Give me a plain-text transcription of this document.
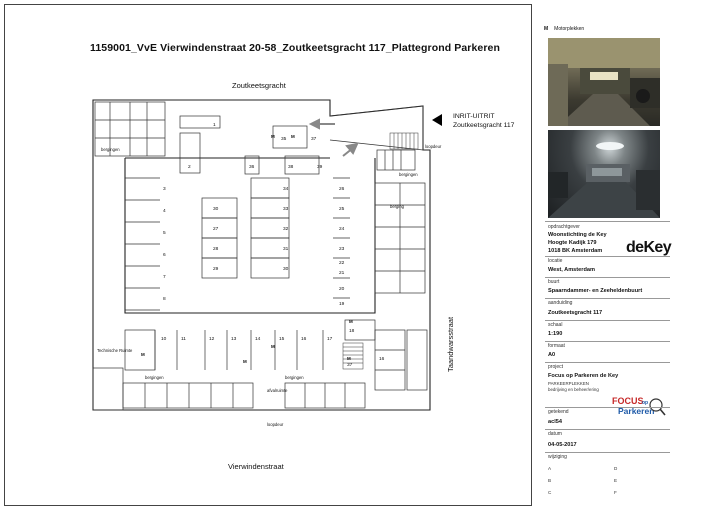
1159001_VvE Vierwindenstraat 20-58_Zoutkeetsgracht 117_Plattegrond Parkeren
Zoutkeetsgracht
Vierwindenstraat
Taandwarsstraat
INRIT-UITRIT
Zoutkeetsgracht 117
bergingen
bergingen
berging
bergingen	bergingen
loopdeur
loopdeur
Technische Ruimte
afvalruimte
1
2
3
4
5
6
7
8
30
27
28
29
34
33
32
31
30
26
25
24
23
22
21
20
19
36
35
38
37
39
10	11	12	13	14	15	16	17
18
16
37
M	M
M
M
M
M
M
M Motorplekken
opdrachtgever
Woonstichting de Key
Hoogte Kadijk 179
1018 BK Amsterdam deKey
locatie
West, Amsterdam
buurt
Spaarndammer- en Zeeheldenbuurt
aanduiding
Zoutkeetsgracht 117
schaal
1:190
formaat
A0
project
Focus op Parkeren de Key
PARKEERPLEKKEN
bedrijving en beheer/ering
FOCUS
op
Parkeren
getekend
acl54
datum
04-05-2017
wijziging
A
B
C
D
E
F
